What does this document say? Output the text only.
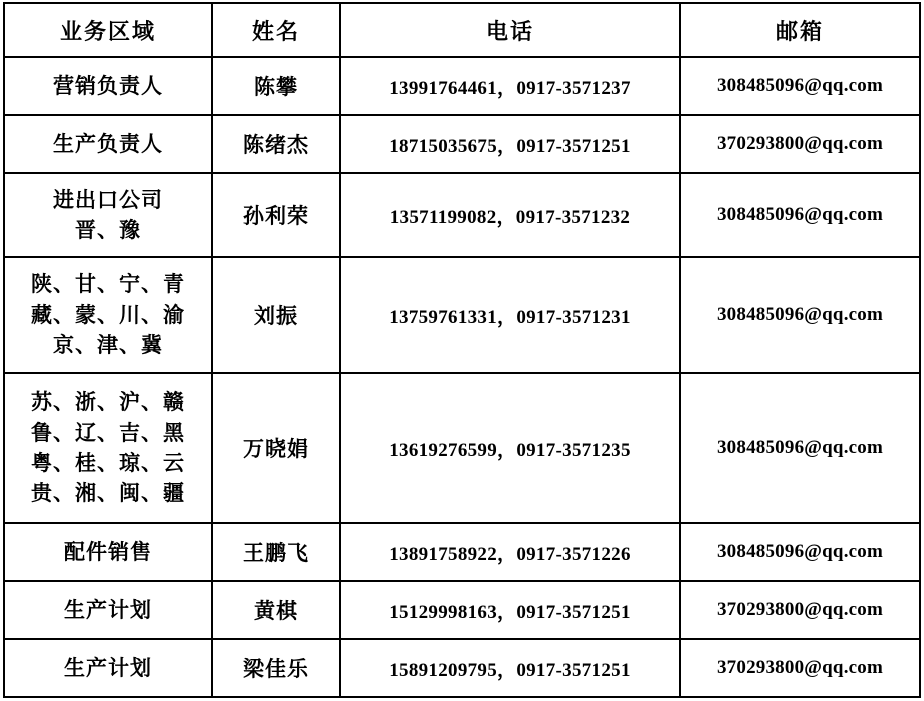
业务区域	姓名	电话	邮箱

营销负责人	陈攀	13991764461，0917-3571237	308485096@qq.com

生产负责人	陈绪杰	18715035675，0917-3571251	370293800@qq.com

进出口公司
晋、豫	孙利荣	13571199082，0917-3571232	308485096@qq.com

陕、甘、宁、青
藏、蒙、川、渝
京、津、冀	刘振	13759761331，0917-3571231	308485096@qq.com

苏、浙、沪、赣
鲁、辽、吉、黑
粤、桂、琼、云
贵、湘、闽、疆	万晓娟	13619276599，0917-3571235	308485096@qq.com

配件销售	王鹏飞	13891758922，0917-3571226	308485096@qq.com

生产计划	黄棋	15129998163，0917-3571251	370293800@qq.com

生产计划	梁佳乐	15891209795，0917-3571251	370293800@qq.com
